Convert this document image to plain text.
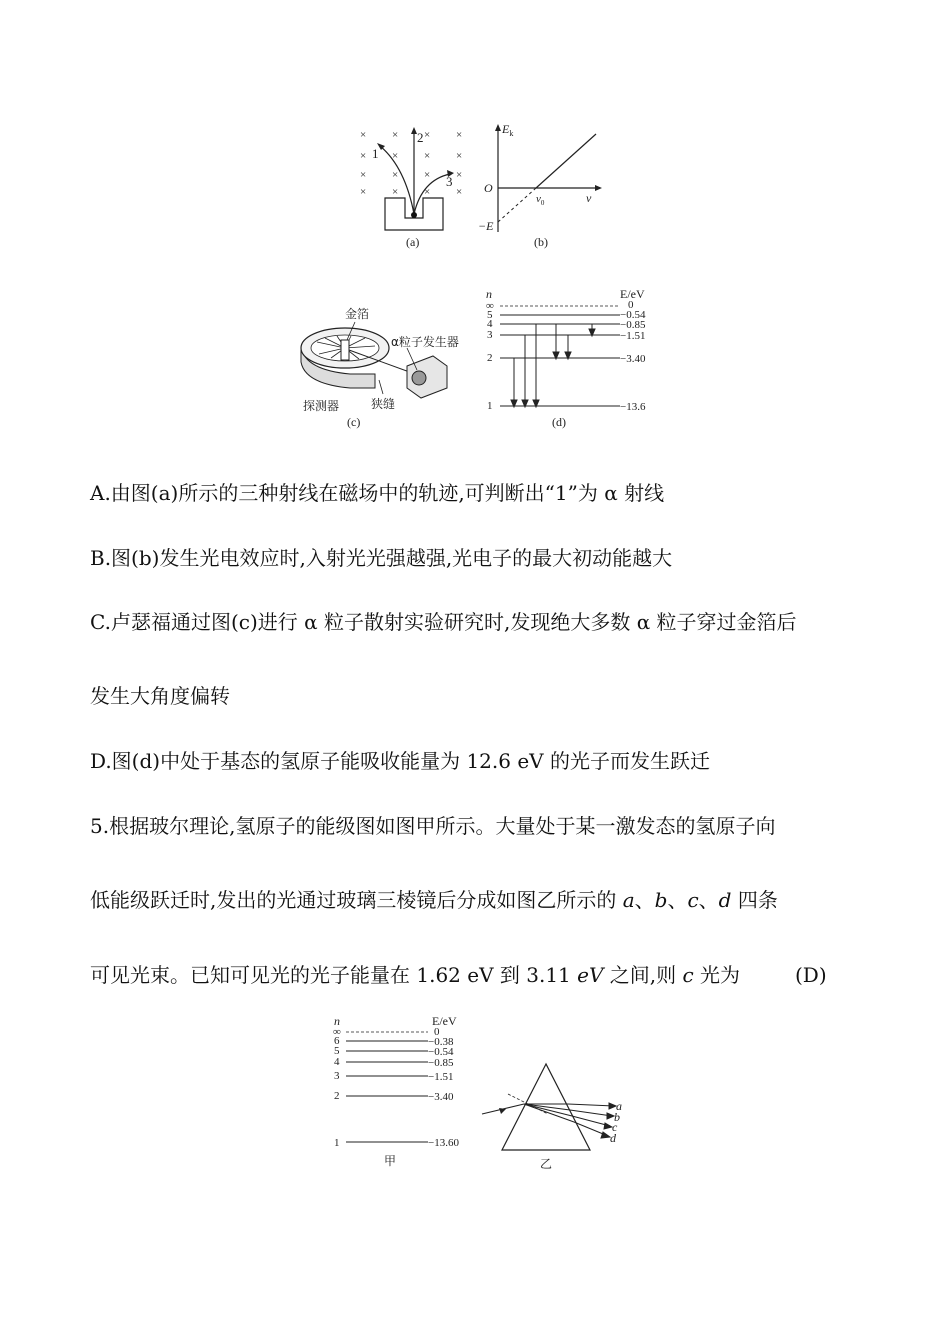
× × × ×
× × × ×
× × × ×
× × × ×
1
2
3
(a)
$E_k$
O
−E
$\nu_0$	ν
(b)
金箔
α粒子发生器
狭缝
探测器
(c)
n	E/eV
∞
5
4
3
2
1
0
−0.54
−0.85
−1.51
−3.40
−13.6
(d)
A.由图(a)所示的三种射线在磁场中的轨迹,可判断出“1”为 α 射线
B.图(b)发生光电效应时,入射光光强越强,光电子的最大初动能越大
C.卢瑟福通过图(c)进行 α 粒子散射实验研究时,发现绝大多数 α 粒子穿过金箔后
发生大角度偏转
D.图(d)中处于基态的氢原子能吸收能量为 12.6 eV 的光子而发生跃迁
5.根据玻尔理论,氢原子的能级图如图甲所示。大量处于某一激发态的氢原子向
低能级跃迁时,发出的光通过玻璃三棱镜后分成如图乙所示的 a、b、c、d 四条
可见光束。已知可见光的光子能量在 1.62 eV 到 3.11 eV 之间,则 c 光为	(D)
n	E/eV
∞
6
5
4
3
2
1
0
−0.38
−0.54
−0.85
−1.51
−3.40
−13.60
甲
a
b
c
d
乙
